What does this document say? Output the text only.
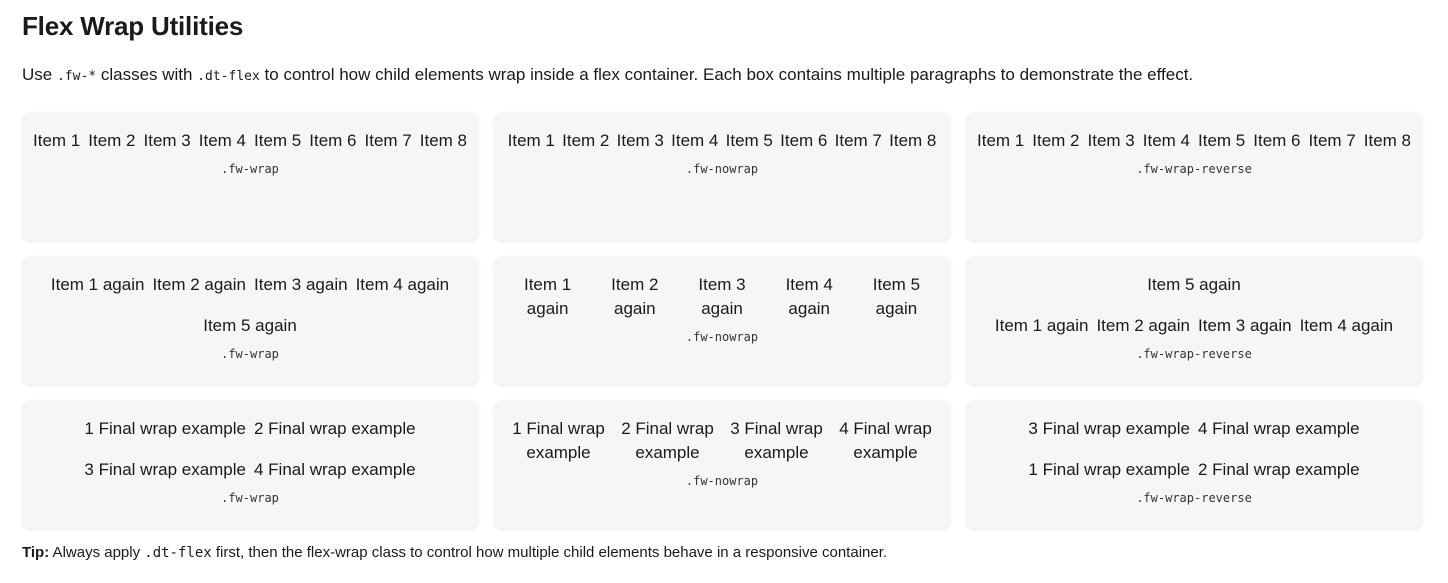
Flex Wrap Utilities

Use .fw-* classes with .dt-flex to control how child elements wrap inside a flex container. Each box contains multiple paragraphs to demonstrate the effect.

Item 1 Item 2 Item 3 Item 4 Item 5 Item 6 Item 7 Item 8
.fw-wrap
Item 1 Item 2 Item 3 Item 4 Item 5 Item 6 Item 7 Item 8
.fw-nowrap
Item 1 Item 2 Item 3 Item 4 Item 5 Item 6 Item 7 Item 8
.fw-wrap-reverse
Item 1 again Item 2 again Item 3 again Item 4 again
Item 5 again
.fw-wrap
Item 1 again
Item 2 again
Item 3 again
Item 4 again
Item 5 again
.fw-nowrap
Item 1 again Item 2 again Item 3 again Item 4 again
Item 5 again
.fw-wrap-reverse
1 Final wrap example 2 Final wrap example
3 Final wrap example 4 Final wrap example
.fw-wrap
1 Final wrap example
2 Final wrap example
3 Final wrap example
4 Final wrap example
.fw-nowrap
1 Final wrap example 2 Final wrap example
3 Final wrap example 4 Final wrap example
.fw-wrap-reverse

Tip: Always apply .dt-flex first, then the flex-wrap class to control how multiple child elements behave in a responsive container.
